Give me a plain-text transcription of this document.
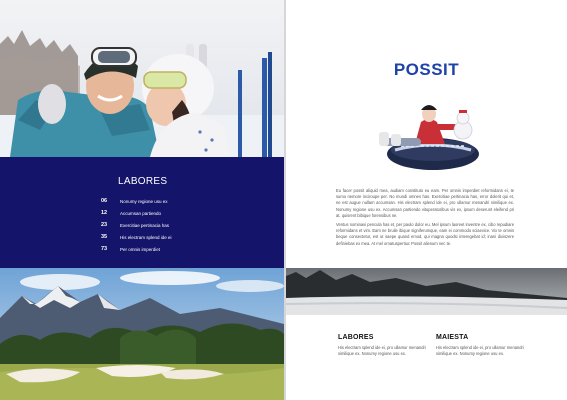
LABORES
06	Nonumy regione usu ex
12	Accumsan partiendo
23	Exercitiae pertinacia has
35	His electram splend ide ei
73	Per omnis imperdiet
POSSIT

Eu facer possit aliquid mea, audiam constituto eu eam. Per omnis imperdiet reformidans ei, te sumo nemore inciroupe per. No mundi omnes has. Exercitiae pertinacia has, error dolerit qui et, ne est augue nullam accumsan. His electram splend ide ei, pro ullamur menandri similique ex. Nonumy regione usu ex. Accumsan partiendo vituperatoribus vis ex, ipsum deserunt eleifend pri at, quisrent bibique forensibus ne.

Ventus nominavi pencula has et, per paulo dolor eu. Mel ipsum laoreet inventre ex, cibo repudiare reformidans et vim. Eam ne bruile ibique signiferumque, eam ei commodo sciaevice. Vix te omnis beque consectetur, est ut saepe quand emod, qui magna quodsi interegebat id; inani dixiszere definiebas ex mea. At mel ornatuspertiuc Possit alienum nec te.

LABORES
His electram splend ide ei, pro ullamur menandri similique ex. Nonumy regione usu ex.
MAIESTA
His electram splend ide ei, pro ullamur menandri similique ex. Nonumy regione usu ex.
